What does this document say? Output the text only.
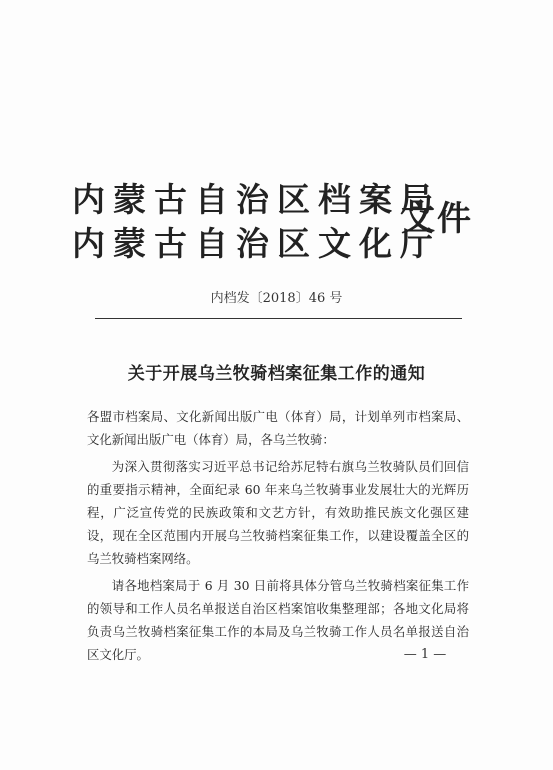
内蒙古自治区档案局
内蒙古自治区文化厅
文件
内档发〔2018〕46 号
关于开展乌兰牧骑档案征集工作的通知

各盟市档案局、文化新闻出版广电（体育）局，计划单列市档案局、文化新闻出版广电（体育）局，各乌兰牧骑：

为深入贯彻落实习近平总书记给苏尼特右旗乌兰牧骑队员们回信的重要指示精神，全面纪录 60 年来乌兰牧骑事业发展壮大的光辉历程，广泛宣传党的民族政策和文艺方针，有效助推民族文化强区建设，现在全区范围内开展乌兰牧骑档案征集工作，以建设覆盖全区的乌兰牧骑档案网络。

请各地档案局于 6 月 30 日前将具体分管乌兰牧骑档案征集工作的领导和工作人员名单报送自治区档案馆收集整理部；各地文化局将负责乌兰牧骑档案征集工作的本局及乌兰牧骑工作人员名单报送自治区文化厅。	— 1 —
